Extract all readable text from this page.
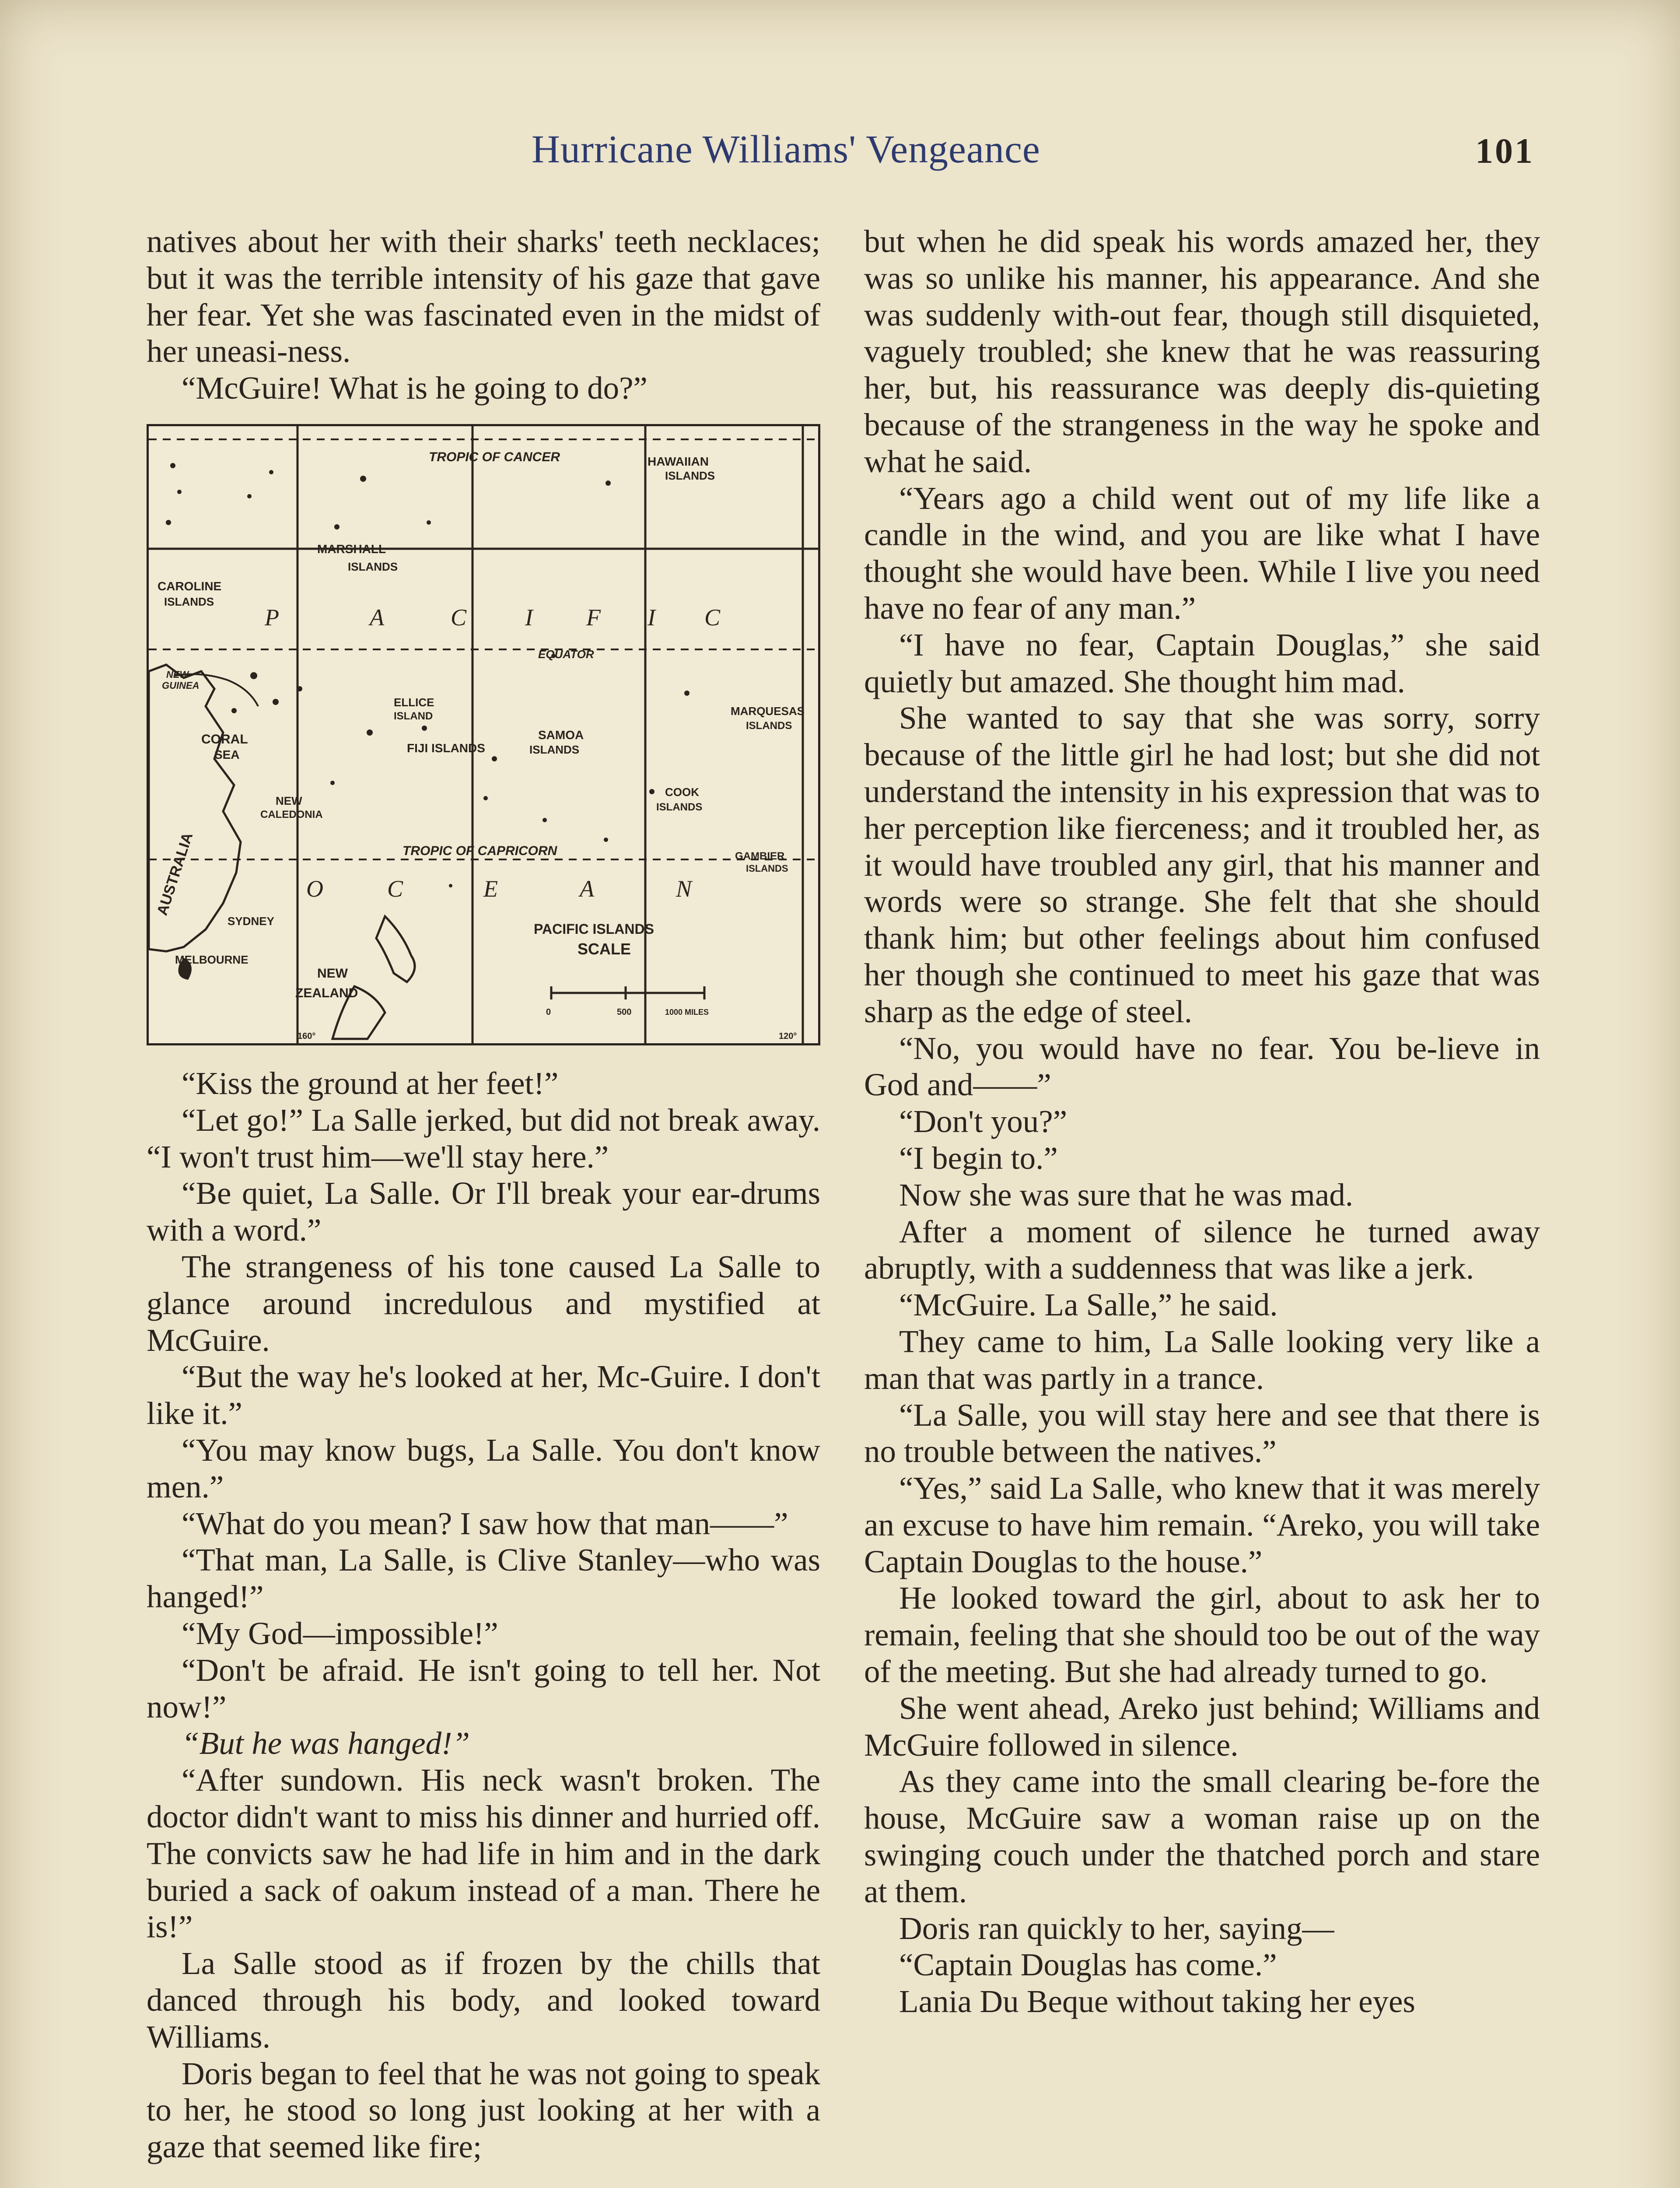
Hurricane Williams' Vengeance	101

natives about her with their sharks' teeth necklaces; but it was the terrible intensity of his gaze that gave her fear. Yet she was fascinated even in the midst of her uneasi-ness.

“McGuire! What is he going to do?”

TROPIC OF CANCER
EQUATOR
TROPIC OF CAPRICORN
HAWAIIAN
ISLANDS
MARSHALL
ISLANDS
CAROLINE
ISLANDS
ELLICE
ISLAND
FIJI ISLANDS
SAMOA
ISLANDS
COOK
ISLANDS
MARQUESAS
ISLANDS
GAMBIER
ISLANDS
CORAL
SEA
NEW
CALEDONIA
NEW
GUINEA
AUSTRALIA
SYDNEY
MELBOURNE
NEW
ZEALAND
PACIFIC ISLANDS
SCALE
0	500	1000 MILES
160°	120°
P	A	C I F I C
O	C	E	A	N

“Kiss the ground at her feet!”

“Let go!” La Salle jerked, but did not break away. “I won't trust him—we'll stay here.”

“Be quiet, La Salle. Or I'll break your ear-drums with a word.”

The strangeness of his tone caused La Salle to glance around incredulous and mystified at McGuire.

“But the way he's looked at her, Mc-Guire. I don't like it.”

“You may know bugs, La Salle. You don't know men.”

“What do you mean? I saw how that man——”

“That man, La Salle, is Clive Stanley—who was hanged!”

“My God—impossible!”

“Don't be afraid. He isn't going to tell her. Not now!”

“But he was hanged!”

“After sundown. His neck wasn't broken. The doctor didn't want to miss his dinner and hurried off. The convicts saw he had life in him and in the dark buried a sack of oakum instead of a man. There he is!”

La Salle stood as if frozen by the chills that danced through his body, and looked toward Williams.

Doris began to feel that he was not going to speak to her, he stood so long just looking at her with a gaze that seemed like fire;

but when he did speak his words amazed her, they was so unlike his manner, his appearance. And she was suddenly with-out fear, though still disquieted, vaguely troubled; she knew that he was reassuring her, but, his reassurance was deeply dis-quieting because of the strangeness in the way he spoke and what he said.

“Years ago a child went out of my life like a candle in the wind, and you are like what I have thought she would have been. While I live you need have no fear of any man.”

“I have no fear, Captain Douglas,” she said quietly but amazed. She thought him mad.

She wanted to say that she was sorry, sorry because of the little girl he had lost; but she did not understand the intensity in his expression that was to her perception like fierceness; and it troubled her, as it would have troubled any girl, that his manner and words were so strange. She felt that she should thank him; but other feelings about him confused her though she continued to meet his gaze that was sharp as the edge of steel.

“No, you would have no fear. You be-lieve in God and——”

“Don't you?”

“I begin to.”

Now she was sure that he was mad.

After a moment of silence he turned away abruptly, with a suddenness that was like a jerk.

“McGuire. La Salle,” he said.

They came to him, La Salle looking very like a man that was partly in a trance.

“La Salle, you will stay here and see that there is no trouble between the natives.”

“Yes,” said La Salle, who knew that it was merely an excuse to have him remain. “Areko, you will take Captain Douglas to the house.”

He looked toward the girl, about to ask her to remain, feeling that she should too be out of the way of the meeting. But she had already turned to go.

She went ahead, Areko just behind; Williams and McGuire followed in silence.

As they came into the small clearing be-fore the house, McGuire saw a woman raise up on the swinging couch under the thatched porch and stare at them.

Doris ran quickly to her, saying—

“Captain Douglas has come.”

Lania Du Beque without taking her eyes
